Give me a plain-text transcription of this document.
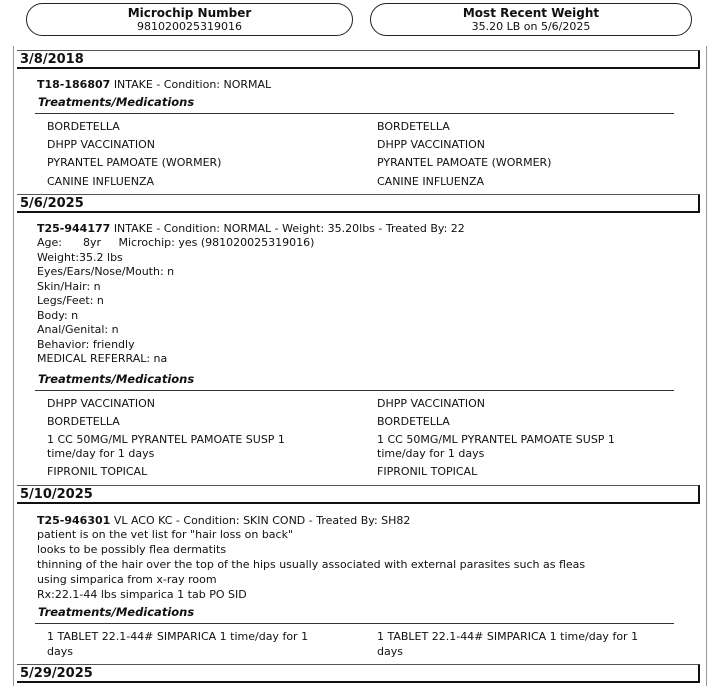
Microchip Number
981020025319016
Most Recent Weight
35.20 LB on 5/6/2025
3/8/2018
T18-186807 INTAKE - Condition: NORMAL
Treatments/Medications
BORDETELLA
DHPP VACCINATION
PYRANTEL PAMOATE (WORMER)
CANINE INFLUENZA
BORDETELLA
DHPP VACCINATION
PYRANTEL PAMOATE (WORMER)
CANINE INFLUENZA
5/6/2025
T25-944177 INTAKE - Condition: NORMAL - Weight: 35.20lbs - Treated By: 22
Age:      8yr     Microchip: yes (981020025319016)
Weight:35.2 lbs
Eyes/Ears/Nose/Mouth: n
Skin/Hair: n
Legs/Feet: n
Body: n
Anal/Genital: n
Behavior: friendly
MEDICAL REFERRAL: na
Treatments/Medications
DHPP VACCINATION
BORDETELLA
1 CC 50MG/ML PYRANTEL PAMOATE SUSP 1
time/day for 1 days
FIPRONIL TOPICAL
DHPP VACCINATION
BORDETELLA
1 CC 50MG/ML PYRANTEL PAMOATE SUSP 1
time/day for 1 days
FIPRONIL TOPICAL
5/10/2025
T25-946301 VL ACO KC - Condition: SKIN COND - Treated By: SH82
patient is on the vet list for "hair loss on back"
looks to be possibly flea dermatits
thinning of the hair over the top of the hips usually associated with external parasites such as fleas
using simparica from x-ray room
Rx:22.1-44 lbs simparica 1 tab PO SID
Treatments/Medications
1 TABLET 22.1-44# SIMPARICA 1 time/day for 1
days
1 TABLET 22.1-44# SIMPARICA 1 time/day for 1
days
5/29/2025
